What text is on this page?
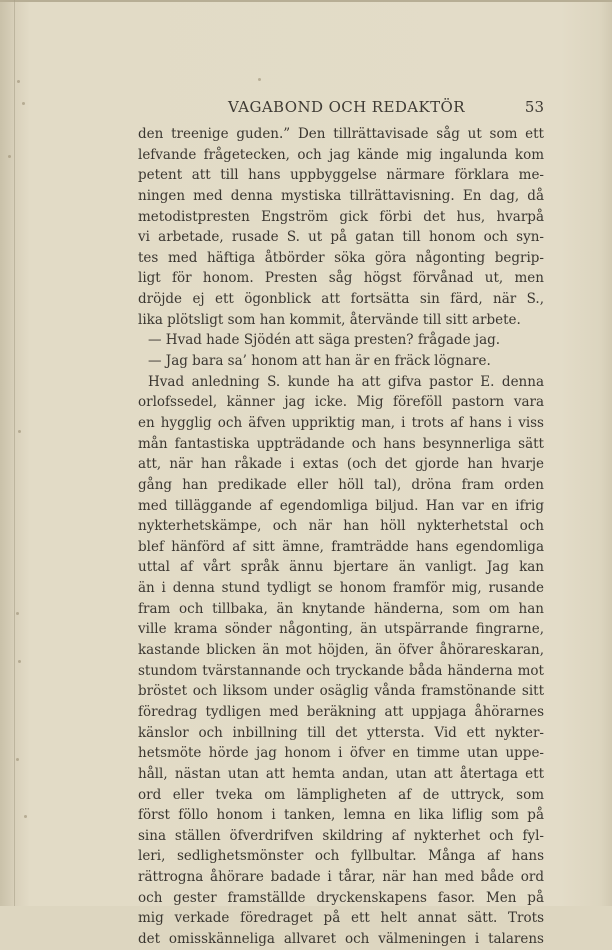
VAGABOND OCH REDAKTÖR	53
den treenige guden.” Den tillrättavisade såg ut som ett
lefvande frågetecken, och jag kände mig ingalunda kom
petent att till hans uppbyggelse närmare förklara me-
ningen med denna mystiska tillrättavisning. En dag, då
metodistpresten Engström gick förbi det hus, hvarpå
vi arbetade, rusade S. ut på gatan till honom och syn-
tes med häftiga åtbörder söka göra någonting begrip-
ligt för honom. Presten såg högst förvånad ut, men
dröjde ej ett ögonblick att fortsätta sin färd, när S.,
lika plötsligt som han kommit, återvände till sitt arbete.
— Hvad hade Sjödén att säga presten? frågade jag.
— Jag bara sa’ honom att han är en fräck lögnare.
Hvad anledning S. kunde ha att gifva pastor E. denna
orlofssedel, känner jag icke. Mig föreföll pastorn vara
en hygglig och äfven uppriktig man, i trots af hans i viss
mån fantastiska uppträdande och hans besynnerliga sätt
att, när han råkade i extas (och det gjorde han hvarje
gång han predikade eller höll tal), dröna fram orden
med tilläggande af egendomliga biljud. Han var en ifrig
nykterhetskämpe, och när han höll nykterhetstal och
blef hänförd af sitt ämne, framträdde hans egendomliga
uttal af vårt språk ännu bjertare än vanligt. Jag kan
än i denna stund tydligt se honom framför mig, rusande
fram och tillbaka, än knytande händerna, som om han
ville krama sönder någonting, än utspärrande fingrarne,
kastande blicken än mot höjden, än öfver åhörareskaran,
stundom tvärstannande och tryckande båda händerna mot
bröstet och liksom under osäglig vånda framstönande sitt
föredrag tydligen med beräkning att uppjaga åhörarnes
känslor och inbillning till det yttersta. Vid ett nykter-
hetsmöte hörde jag honom i öfver en timme utan uppe-
håll, nästan utan att hemta andan, utan att återtaga ett
ord eller tveka om lämpligheten af de uttryck, som
först föllo honom i tanken, lemna en lika liflig som på
sina ställen öfverdrifven skildring af nykterhet och fyl-
leri, sedlighetsmönster och fyllbultar. Många af hans
rättrogna åhörare badade i tårar, när han med både ord
och gester framställde dryckenskapens fasor. Men på
mig verkade föredraget på ett helt annat sätt. Trots
det omisskänneliga allvaret och välmeningen i talarens
